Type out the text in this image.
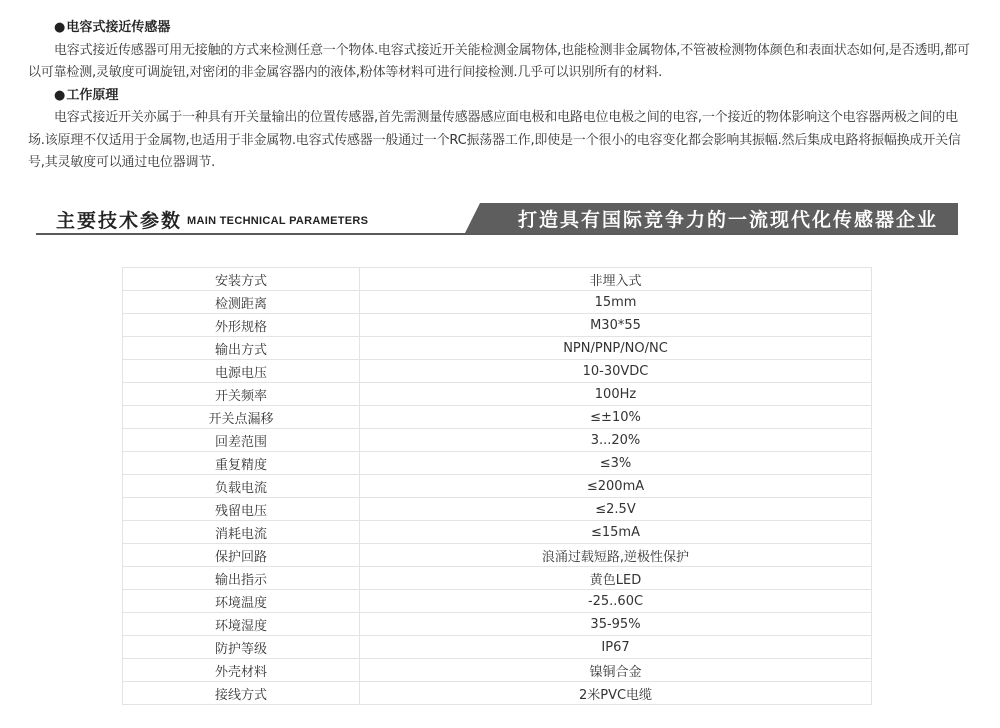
●电容式接近传感器

电容式接近传感器可用无接触的方式来检测任意一个物体.电容式接近开关能检测金属物体,也能检测非金属物体,不管被检测物体颜色和表面状态如何,是否透明,都可以可靠检测,灵敏度可调旋钮,对密闭的非金属容器内的液体,粉体等材料可进行间接检测.几乎可以识别所有的材料.

●工作原理

电容式接近开关亦属于一种具有开关量输出的位置传感器,首先需测量传感器感应面电极和电路电位电极之间的电容,一个接近的物体影响这个电容器两极之间的电场.该原理不仅适用于金属物,也适用于非金属物.电容式传感器一般通过一个RC振荡器工作,即使是一个很小的电容变化都会影响其振幅.然后集成电路将振幅换成开关信号,其灵敏度可以通过电位器调节.

主要技术参数 MAIN TECHNICAL PARAMETERS	打造具有国际竞争力的一流现代化传感器企业
安装方式	非埋入式
检测距离	15mm
外形规格	M30*55
输出方式	NPN/PNP/NO/NC
电源电压	10-30VDC
开关频率	100Hz
开关点漏移	≤±10%
回差范围	3...20%
重复精度	≤3%
负载电流	≤200mA
残留电压	≤2.5V
消耗电流	≤15mA
保护回路	浪涌过载短路,逆极性保护
输出指示	黄色LED
环境温度	-25..60C
环境湿度	35-95%
防护等级	IP67
外壳材料	镍铜合金
接线方式	2米PVC电缆
